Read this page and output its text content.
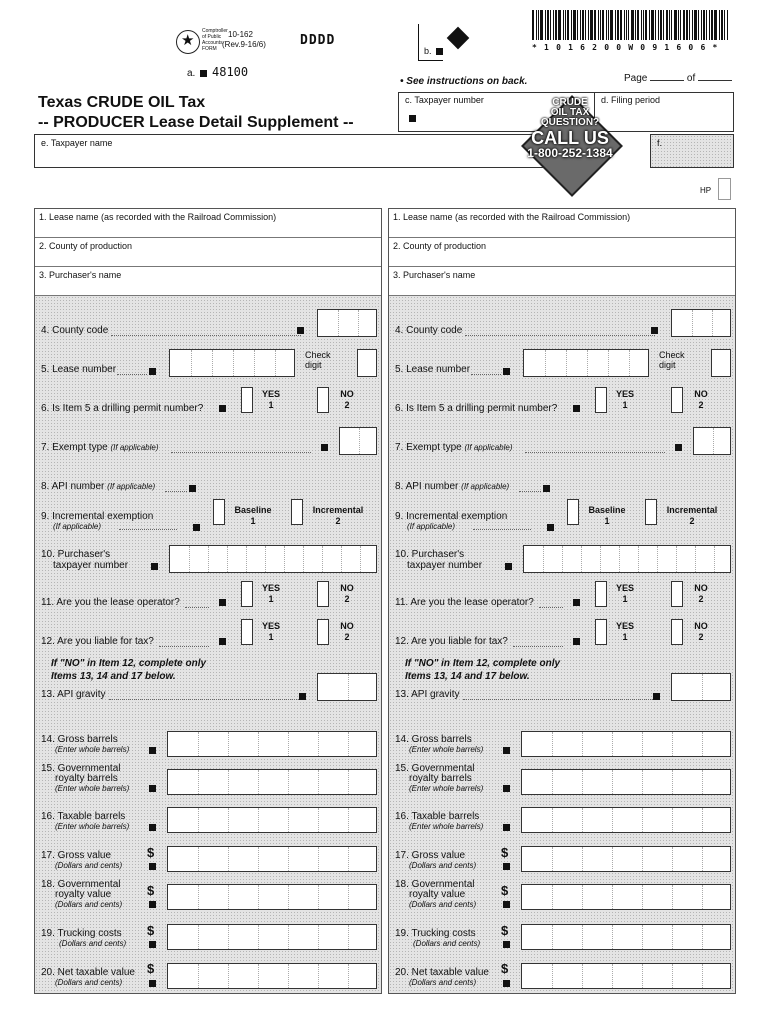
★
Comptroller
of Public
Accounts
FORM
10-162
(Rev.9-16/6)	DDDD
b.	* 1 0 1 6 2 0 0 W 0 9 1 6 0 6 *
a. 48100
• See instructions on back.	Page	of
Texas CRUDE OIL Tax
-- PRODUCER Lease Detail Supplement --
c. Taxpayer number	d. Filing period
e. Taxpayer name	f.
CRUDE
OIL TAX
QUESTION?
CALL US
1-800-252-1384
HP
1. Lease name (as recorded with the Railroad Commission)
2. County of production
3. Purchaser's name
4. County code
5. Lease number
Check
digit
6. Is Item 5 a drilling permit number?
YES
1
NO
2
7. Exempt type (If applicable)
8. API number (If applicable)
9. Incremental exemption
(If applicable)
Baseline
1
Incremental
2
10. Purchaser's
taxpayer number
11. Are you the lease operator?
YES
1
NO
2
12. Are you liable for tax?
YES
1
NO
2
If "NO" in Item 12, complete only
Items 13, 14 and 17 below.
13. API gravity
14. Gross barrels
(Enter whole barrels)
15. Governmental
royalty barrels
(Enter whole barrels)
16. Taxable barrels
(Enter whole barrels)
17. Gross value
(Dollars and cents)
$
18. Governmental
royalty value
(Dollars and cents)
$
19. Trucking costs
(Dollars and cents)
$
20. Net taxable value
(Dollars and cents)
$
1. Lease name (as recorded with the Railroad Commission)
2. County of production
3. Purchaser's name
4. County code
5. Lease number
Check
digit
6. Is Item 5 a drilling permit number?
YES
1
NO
2
7. Exempt type (If applicable)
8. API number (If applicable)
9. Incremental exemption
(If applicable)
Baseline
1
Incremental
2
10. Purchaser's
taxpayer number
11. Are you the lease operator?
YES
1
NO
2
12. Are you liable for tax?
YES
1
NO
2
If "NO" in Item 12, complete only
Items 13, 14 and 17 below.
13. API gravity
14. Gross barrels
(Enter whole barrels)
15. Governmental
royalty barrels
(Enter whole barrels)
16. Taxable barrels
(Enter whole barrels)
17. Gross value
(Dollars and cents)
$
18. Governmental
royalty value
(Dollars and cents)
$
19. Trucking costs
(Dollars and cents)
$
20. Net taxable value
(Dollars and cents)
$
